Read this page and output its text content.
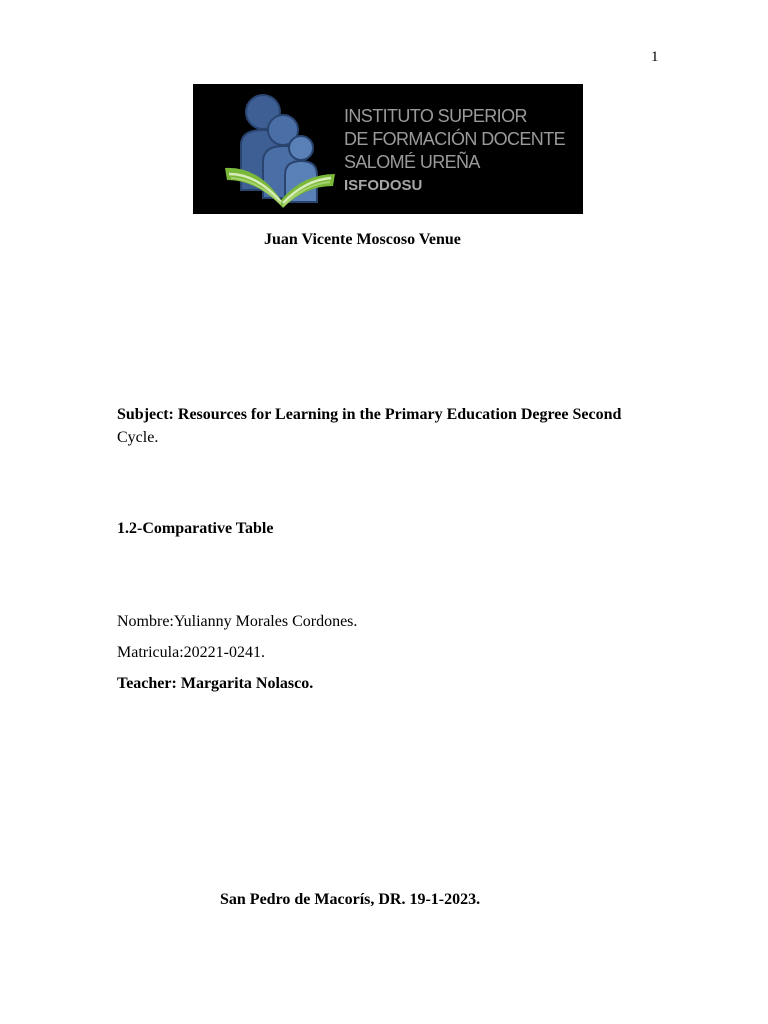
1
INSTITUTO SUPERIOR
DE FORMACIÓN DOCENTE
SALOMÉ UREÑA
ISFODOSU
Juan Vicente Moscoso Venue
Subject: Resources for Learning in the Primary Education Degree Second
Cycle.
1.2-Comparative Table
Nombre:Yulianny Morales Cordones.
Matricula:20221-0241.
Teacher: Margarita Nolasco.
San Pedro de Macorís, DR. 19-1-2023.
